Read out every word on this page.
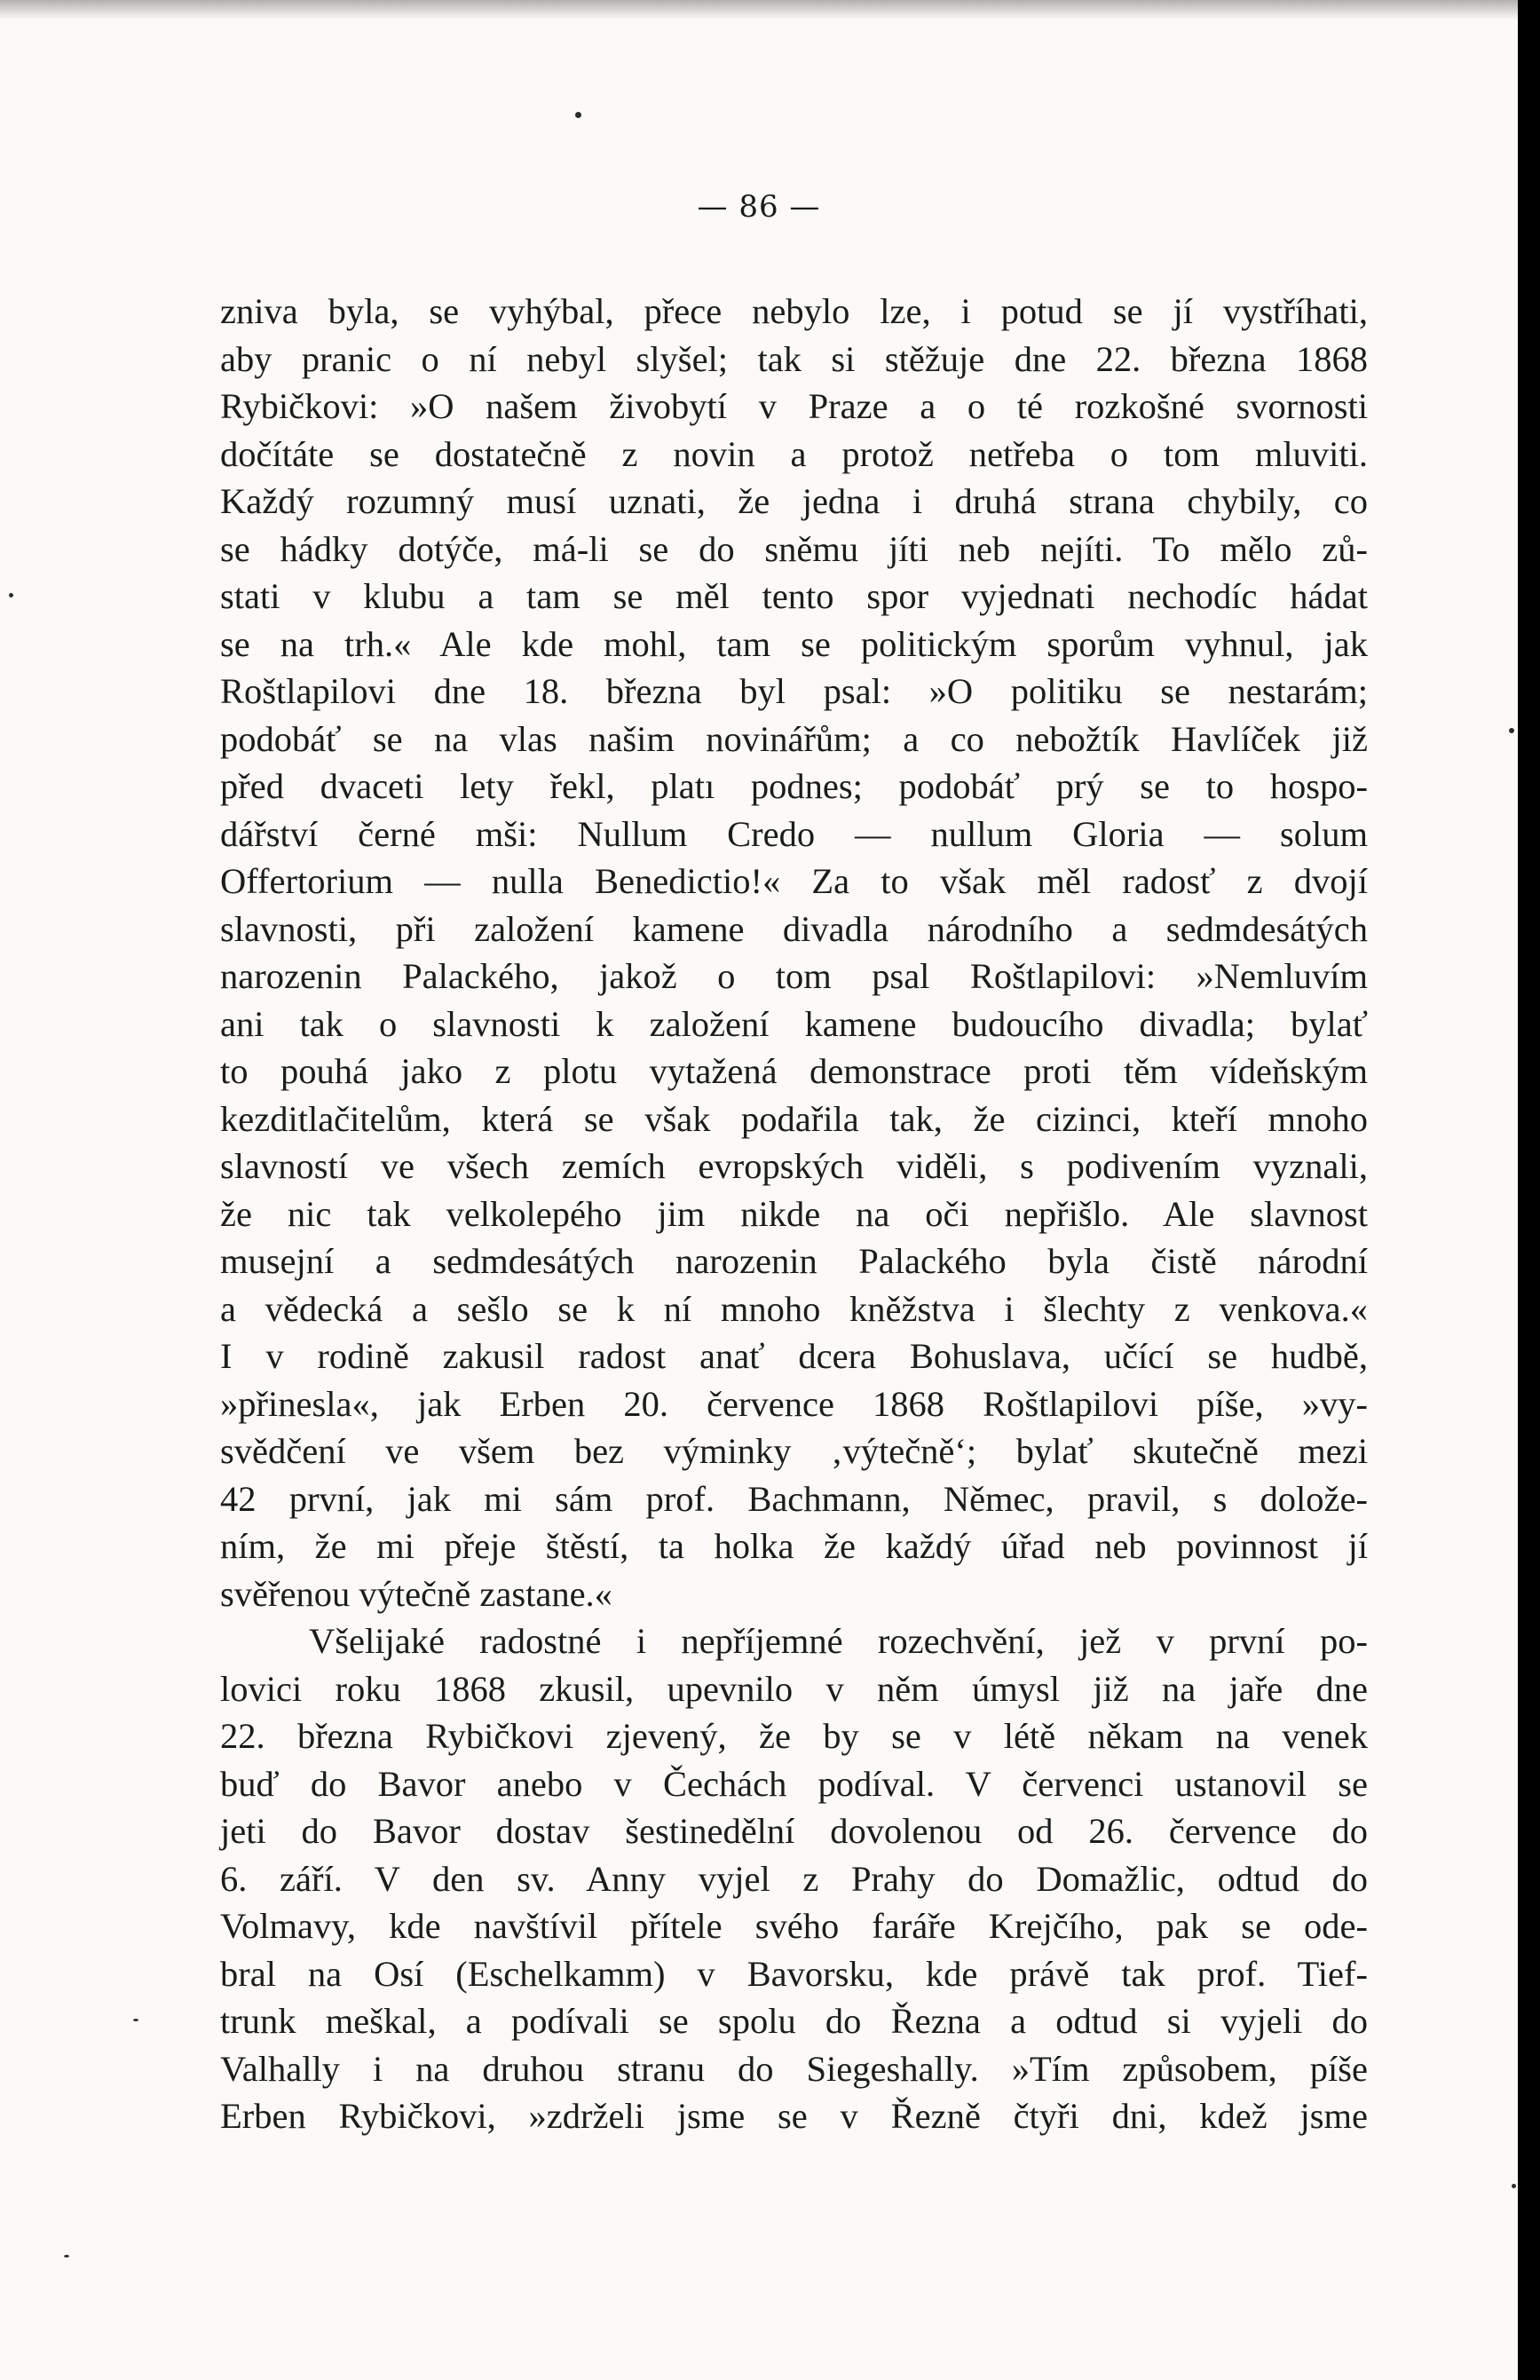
— 86 —
zniva byla, se vyhýbal, přece nebylo lze, i potud se jí vystříhati,
aby pranic o ní nebyl slyšel; tak si stěžuje dne 22. března 1868
Rybičkovi: »O našem živobytí v Praze a o té rozkošné svornosti
dočítáte se dostatečně z novin a protož netřeba o tom mluviti.
Každý rozumný musí uznati, že jedna i druhá strana chybily, co
se hádky dotýče, má-li se do sněmu jíti neb nejíti. To mělo zů-
stati v klubu a tam se měl tento spor vyjednati nechodíc hádat
se na trh.« Ale kde mohl, tam se politickým sporům vyhnul, jak
Roštlapilovi dne 18. března byl psal: »O politiku se nestarám;
podobáť se na vlas našim novinářům; a co nebožtík Havlíček již
před dvaceti lety řekl, platı podnes; podobáť prý se to hospo-
dářství černé mši: Nullum Credo — nullum Gloria — solum
Offertorium — nulla Benedictio!« Za to však měl radosť z dvojí
slavnosti, při založení kamene divadla národního a sedmdesátých
narozenin Palackého, jakož o tom psal Roštlapilovi: »Nemluvím
ani tak o slavnosti k založení kamene budoucího divadla; bylať
to pouhá jako z plotu vytažená demonstrace proti těm vídeňským
kezditlačitelům, která se však podařila tak, že cizinci, kteří mnoho
slavností ve všech zemích evropských viděli, s podivením vyznali,
že nic tak velkolepého jim nikde na oči nepřišlo. Ale slavnost
musejní a sedmdesátých narozenin Palackého byla čistě národní
a vědecká a sešlo se k ní mnoho kněžstva i šlechty z venkova.«
I v rodině zakusil radost anať dcera Bohuslava, učící se hudbě,
»přinesla«, jak Erben 20. července 1868 Roštlapilovi píše, »vy-
svědčení ve všem bez výminky ‚výtečně‘; bylať skutečně mezi
42 první, jak mi sám prof. Bachmann, Němec, pravil, s dolože-
ním, že mi přeje štěstí, ta holka že každý úřad neb povinnost jí
svěřenou výtečně zastane.«
Všelijaké radostné i nepříjemné rozechvění, jež v první po-
lovici roku 1868 zkusil, upevnilo v něm úmysl již na jaře dne
22. března Rybičkovi zjevený, že by se v létě někam na venek
buď do Bavor anebo v Čechách podíval. V červenci ustanovil se
jeti do Bavor dostav šestinedělní dovolenou od 26. července do
6. září. V den sv. Anny vyjel z Prahy do Domažlic, odtud do
Volmavy, kde navštívil přítele svého faráře Krejčího, pak se ode-
bral na Osí (Eschelkamm) v Bavorsku, kde právě tak prof. Tief-
trunk meškal, a podívali se spolu do Řezna a odtud si vyjeli do
Valhally i na druhou stranu do Siegeshally. »Tím způsobem, píše
Erben Rybičkovi, »zdrželi jsme se v Řezně čtyři dni, kdež jsme
